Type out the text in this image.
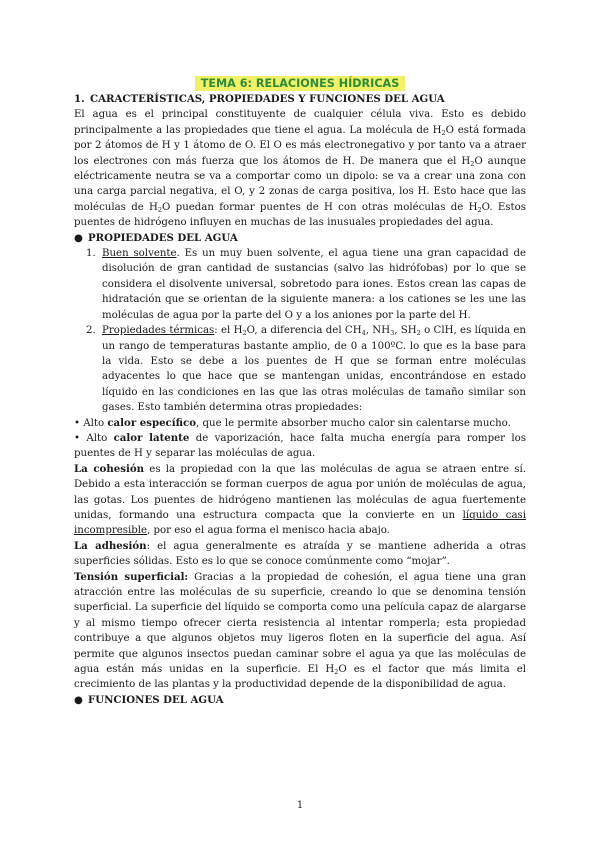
TEMA 6: RELACIONES HÍDRICAS

1. CARACTERÍSTICAS, PROPIEDADES Y FUNCIONES DEL AGUA

El agua es el principal constituyente de cualquier célula viva. Esto es debido principalmente a las propiedades que tiene el agua. La molécula de $H_2O$ está formada por 2 átomos de H y 1 átomo de O. El O es más electronegativo y por tanto va a atraer los electrones con más fuerza que los átomos de H. De manera que el $H_2O$ aunque eléctricamente neutra se va a comportar como un dipolo: se va a crear una zona con una carga parcial negativa, el O, y 2 zonas de carga positiva, los H. Esto hace que las moléculas de $H_2O$ puedan formar puentes de H con otras moléculas de $H_2O$. Estos puentes de hidrógeno influyen en muchas de las inusuales propiedades del agua.

● PROPIEDADES DEL AGUA

1. Buen solvente. Es un muy buen solvente, el agua tiene una gran capacidad de disolución de gran cantidad de sustancias (salvo las hidrófobas) por lo que se considera el disolvente universal, sobretodo para iones. Estos crean las capas de hidratación que se orientan de la siguiente manera: a los cationes se les une las moléculas de agua por la parte del O y a los aniones por la parte del H.

2. Propiedades térmicas: el $H_2O$, a diferencia del $CH_4$, $NH_3$, $SH_2$ o ClH, es líquida en un rango de temperaturas bastante amplio, de 0 a 100ºC. lo que es la base para la vida. Esto se debe a los puentes de H que se forman entre moléculas adyacentes lo que hace que se mantengan unidas, encontrándose en estado líquido en las condiciones en las que las otras moléculas de tamaño similar son gases. Esto también determina otras propiedades:

• Alto calor específico, que le permite absorber mucho calor sin calentarse mucho.

• Alto calor latente de vaporización, hace falta mucha energía para romper los puentes de H y separar las moléculas de agua.

La cohesión es la propiedad con la que las moléculas de agua se atraen entre sí. Debido a esta interacción se forman cuerpos de agua por unión de moléculas de agua, las gotas. Los puentes de hidrógeno mantienen las moléculas de agua fuertemente unidas, formando una estructura compacta que la convierte en un líquido casi incompresible, por eso el agua forma el menisco hacia abajo.

La adhesión: el agua generalmente es atraída y se mantiene adherida a otras superficies sólidas. Esto es lo que se conoce comúnmente como “mojar”.

Tensión superficial: Gracias a la propiedad de cohesión, el agua tiene una gran atracción entre las moléculas de su superficie, creando lo que se denomina tensión superficial. La superficie del líquido se comporta como una película capaz de alargarse y al mismo tiempo ofrecer cierta resistencia al intentar romperla; esta propiedad contribuye a que algunos objetos muy ligeros floten en la superficie del agua. Así permite que algunos insectos puedan caminar sobre el agua ya que las moléculas de agua están más unidas en la superficie. El $H_2O$ es el factor que más limita el crecimiento de las plantas y la productividad depende de la disponibilidad de agua.

● FUNCIONES DEL AGUA

1
